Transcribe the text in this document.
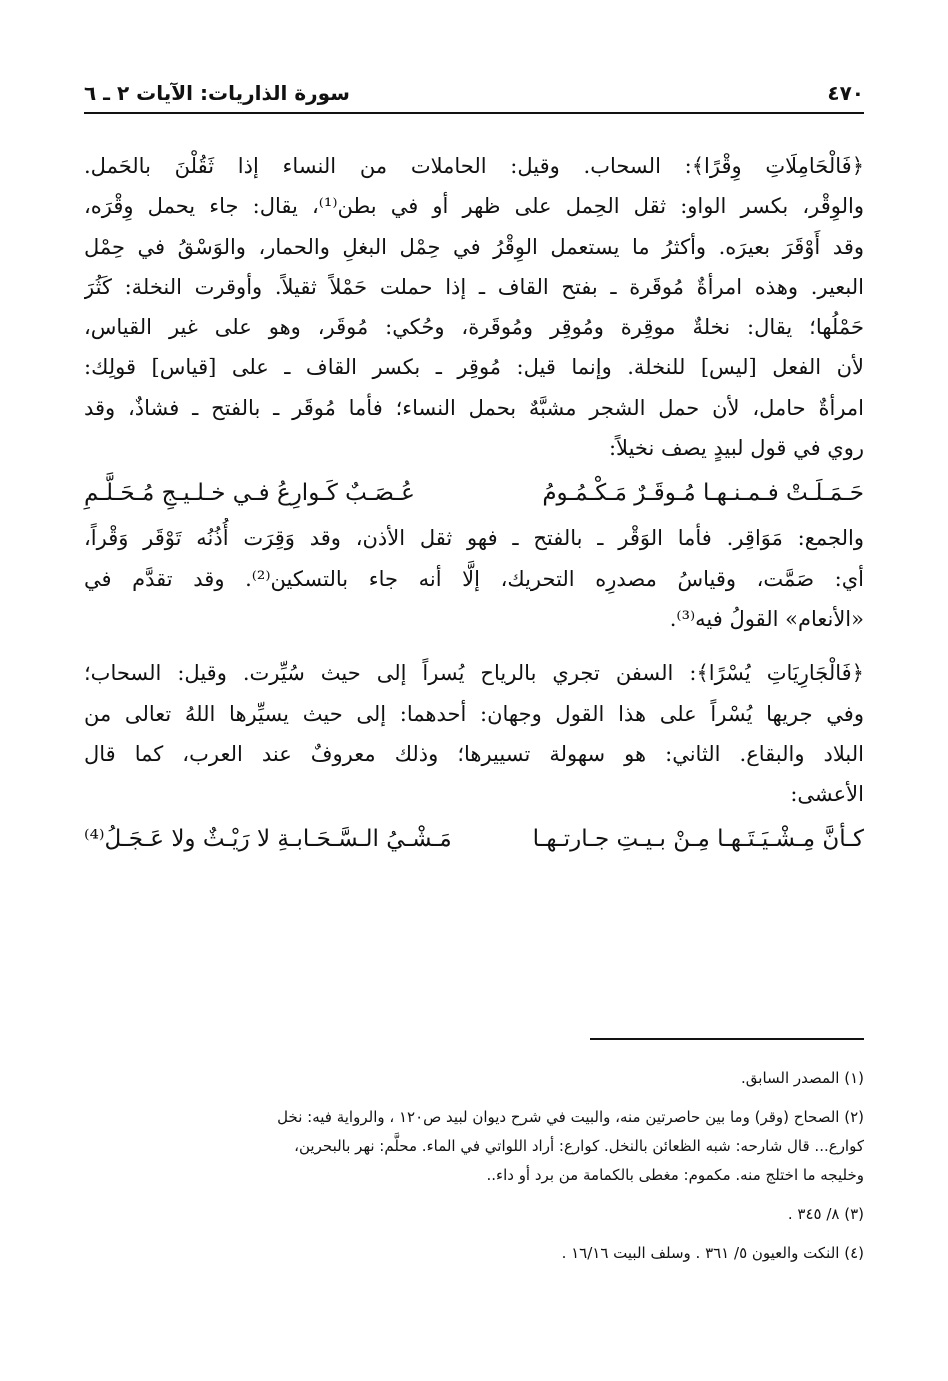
٤٧٠
سورة الذاريات: الآيات ٢ ـ ٦
﴿فَالْحَامِلَاتِ وِقْرًا﴾: السحاب. وقيل: الحاملات من النساء إذا ثَقُلْنَ بالحَمل.
والوِقْر، بكسر الواو: ثقل الحِمل على ظهر أو في بطن⁽¹⁾، يقال: جاء يحمل وِقْرَه،
وقد أَوْقَرَ بعيرَه. وأكثرُ ما يستعمل الوِقْرُ في حِمْل البغلِ والحمار، والوَسْقُ في حِمْل
البعير. وهذه امرأةٌ مُوقَرة ـ بفتح القاف ـ إذا حملت حَمْلاً ثقيلاً. وأوقرت النخلة: كَثُرَ
حَمْلُها؛ يقال: نخلةٌ موقِرة ومُوقِر ومُوقَرة، وحُكي: مُوقَر، وهو على غير القياس،
لأن الفعل [ليس] للنخلة. وإنما قيل: مُوقِر ـ بكسر القاف ـ على [قياس] قولِك:
امرأةٌ حامل، لأن حمل الشجر مشبَّهٌ بحمل النساء؛ فأما مُوقَر ـ بالفتح ـ فشاذٌ، وقد
روي في قول لبيدٍ يصف نخيلاً:
حَـمَـلَـتْ فـمـنـهـا مُـوقَـرٌ مَـكْـمُـومُ
عُـصَـبٌ كَـوارِعُ فـي خـلـيـجِ مُـحَـلَّـمِ
والجمع: مَوَاقِر. فأما الوَقْر ـ بالفتح ـ فهو ثقل الأذن، وقد وَقِرَت أُذُنُه تَوْقَر وَقْراً،
أي: صَمَّت، وقياسُ مصدرِه التحريك، إلَّا أنه جاء بالتسكين⁽²⁾. وقد تقدَّم في
«الأنعام» القولُ فيه⁽³⁾.
﴿فَالْجَارِيَاتِ يُسْرًا﴾: السفن تجري بالرياح يُسراً إلى حيث سُيِّرت. وقيل: السحاب؛
وفي جريها يُسْراً على هذا القول وجهان: أحدهما: إلى حيث يسيِّرها اللهُ تعالى من
البلاد والبقاع. الثاني: هو سهولة تسييرها؛ وذلك معروفٌ عند العرب، كما قال
الأعشى:
كـأنَّ مِـشْـيَـتَـهـا مِـنْ بـيـتِ جـارتـهـا
مَـشْـيُ الـسَّـحَـابـةِ لا رَيْـثٌ ولا عَـجَـلُ⁽⁴⁾
(١) المصدر السابق.
(٢) الصحاح (وقر) وما بين حاصرتين منه، والبيت في شرح ديوان لبيد ص١٢٠ ، والرواية فيه: نخل
كوارع... قال شارحه: شبه الظعائن بالنخل. كوارع: أراد اللواتي في الماء. محلَّم: نهر بالبحرين،
وخليجه ما اختلج منه. مكموم: مغطى بالكمامة من برد أو داء..
(٣) ٨/ ٣٤٥ .
(٤) النكت والعيون ٥/ ٣٦١ . وسلف البيت ١٦/١٦ .
